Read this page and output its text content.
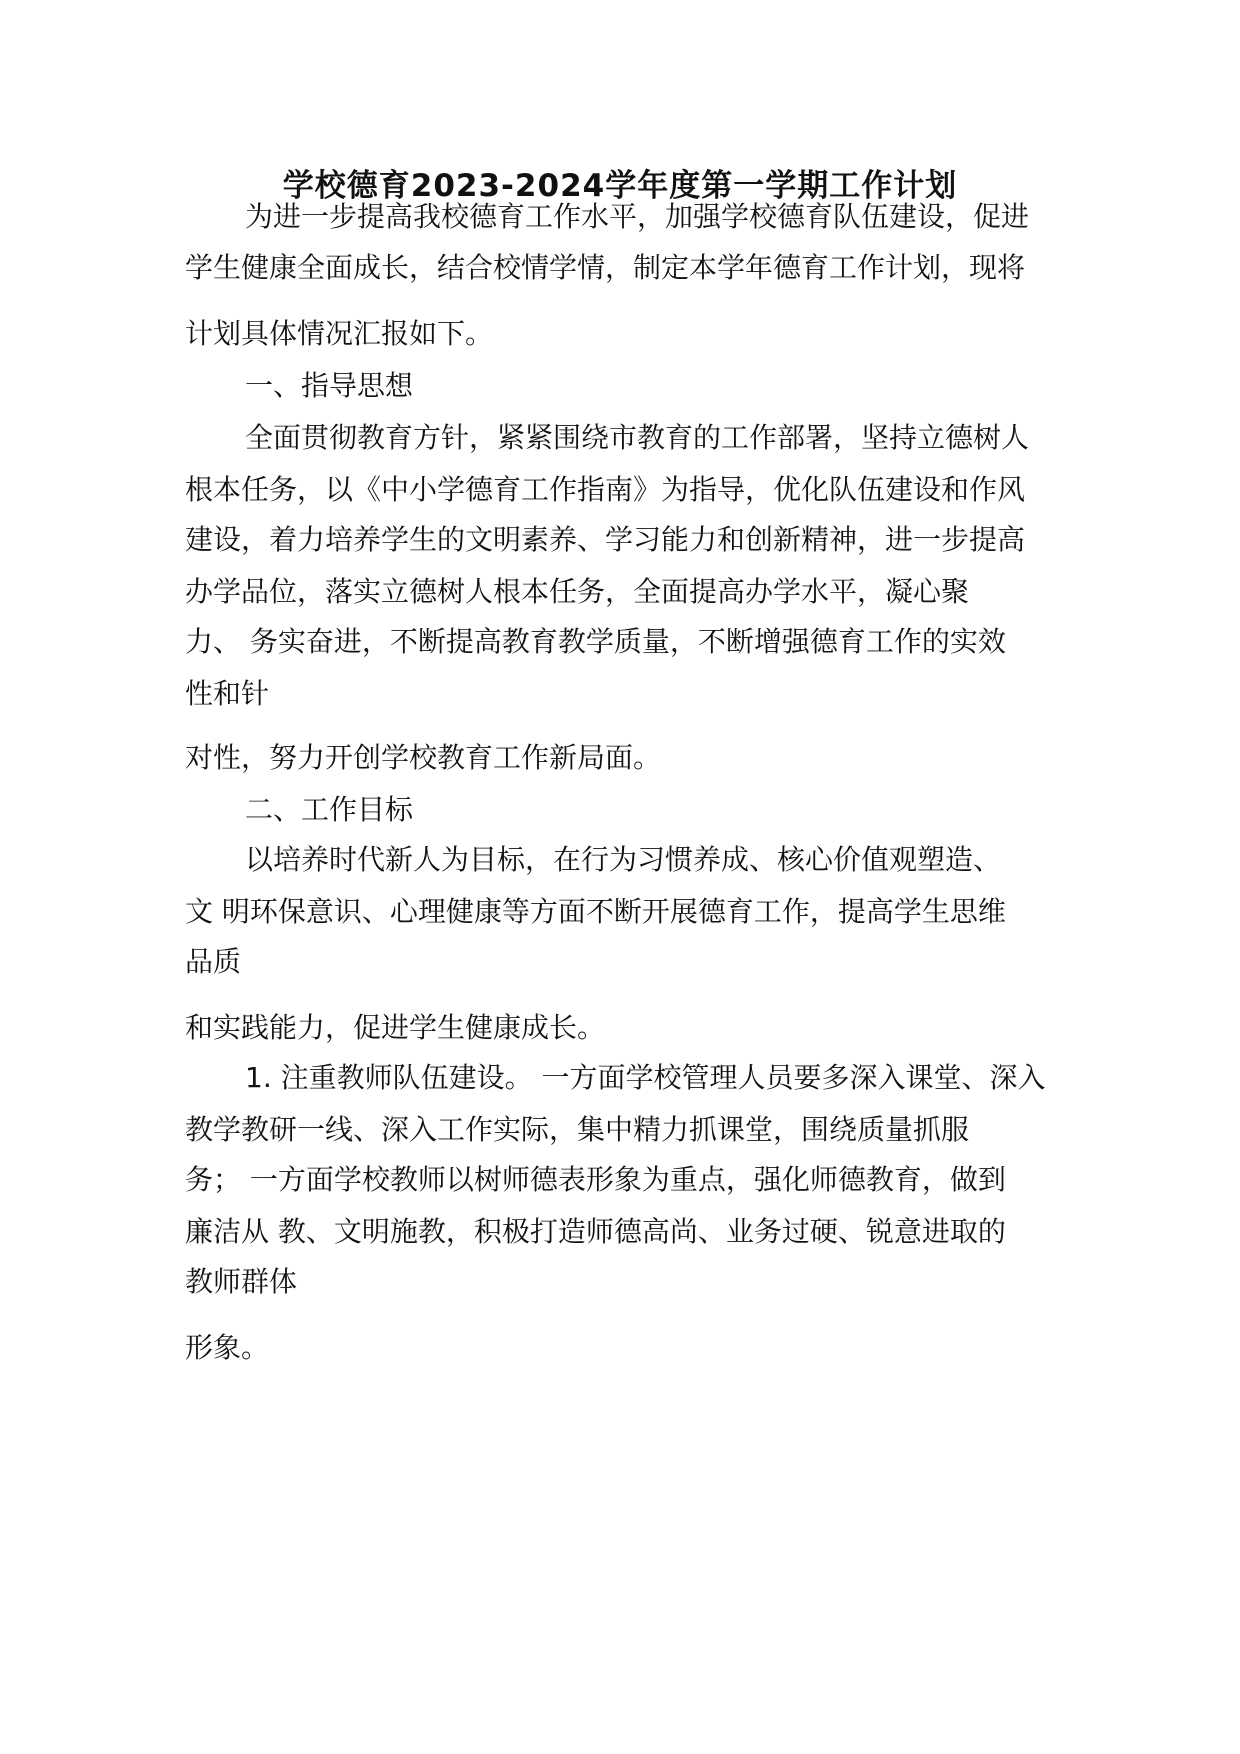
学校德育2023-2024学年度第一学期工作计划
为进一步提高我校德育工作水平，加强学校德育队伍建设，促进
学生健康全面成长，结合校情学情，制定本学年德育工作计划，现将
计划具体情况汇报如下。
一、指导思想
全面贯彻教育方针，紧紧围绕市教育的工作部署，坚持立德树人
根本任务，以《中小学德育工作指南》为指导，优化队伍建设和作风
建设，着力培养学生的文明素养、学习能力和创新精神，进一步提高
办学品位，落实立德树人根本任务，全面提高办学水平，凝心聚
力、 务实奋进，不断提高教育教学质量，不断增强德育工作的实效
性和针
对性，努力开创学校教育工作新局面。
二、工作目标
以培养时代新人为目标，在行为习惯养成、核心价值观塑造、
文 明环保意识、心理健康等方面不断开展德育工作，提高学生思维
品质
和实践能力，促进学生健康成长。
1. 注重教师队伍建设。 一方面学校管理人员要多深入课堂、深入
教学教研一线、深入工作实际，集中精力抓课堂，围绕质量抓服
务； 一方面学校教师以树师德表形象为重点，强化师德教育，做到
廉洁从 教、文明施教，积极打造师德高尚、业务过硬、锐意进取的
教师群体
形象。
